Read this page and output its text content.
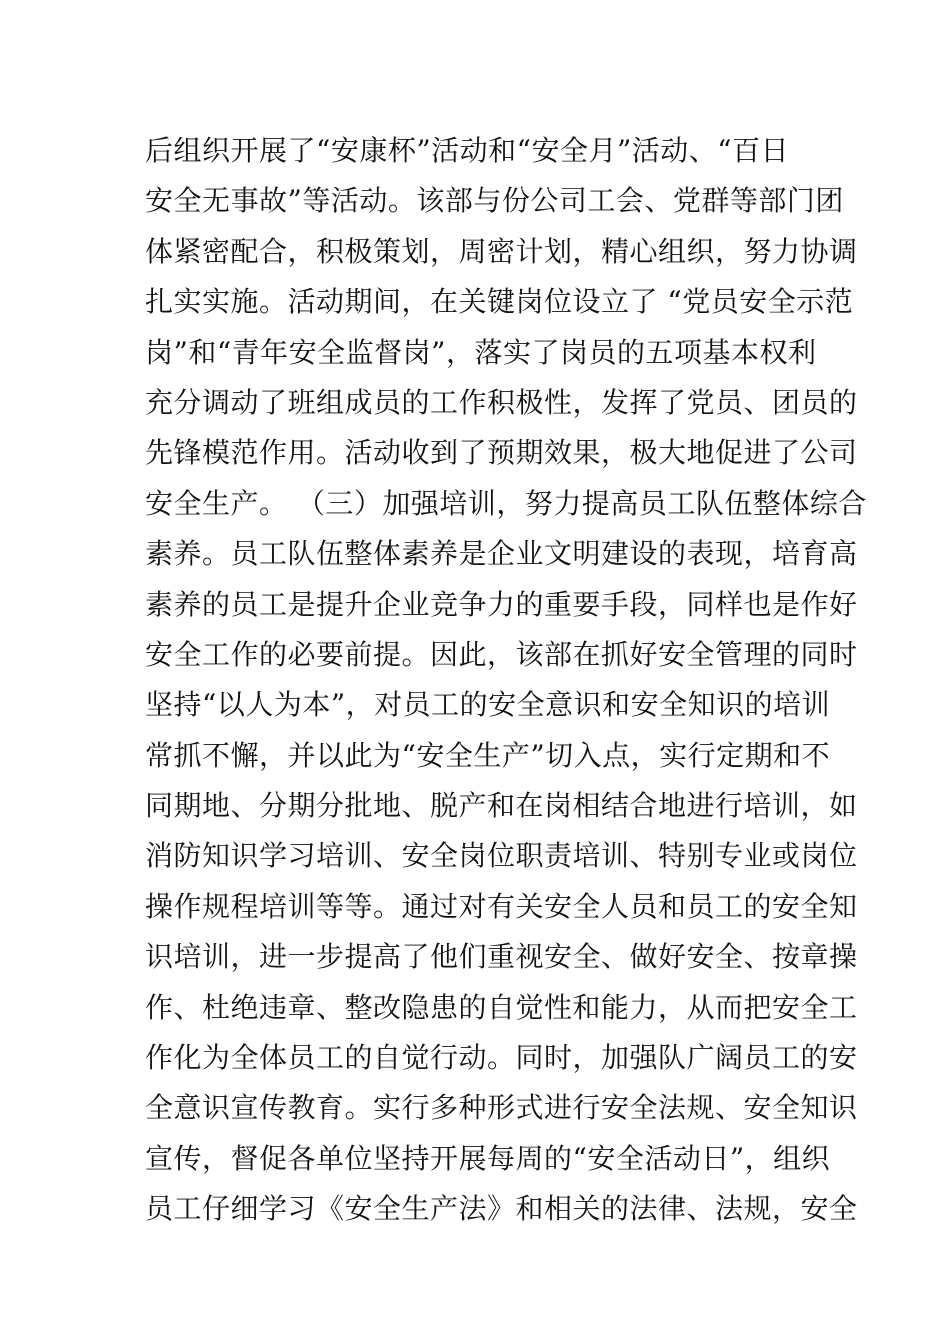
后组织开展了“安康杯”活动和“安全月”活动、“百日
安全无事故”等活动。该部与份公司工会、党群等部门团
体紧密配合，积极策划，周密计划，精心组织，努力协调
扎实实施。活动期间，在关键岗位设立了 “党员安全示范
岗”和“青年安全监督岗”，落实了岗员的五项基本权利
充分调动了班组成员的工作积极性，发挥了党员、团员的
先锋模范作用。活动收到了预期效果，极大地促进了公司
安全生产。 （三）加强培训，努力提高员工队伍整体综合
素养。员工队伍整体素养是企业文明建设的表现，培育高
素养的员工是提升企业竞争力的重要手段，同样也是作好
安全工作的必要前提。因此，该部在抓好安全管理的同时
坚持“以人为本”，对员工的安全意识和安全知识的培训
常抓不懈，并以此为“安全生产”切入点，实行定期和不
同期地、分期分批地、脱产和在岗相结合地进行培训，如
消防知识学习培训、安全岗位职责培训、特别专业或岗位
操作规程培训等等。通过对有关安全人员和员工的安全知
识培训，进一步提高了他们重视安全、做好安全、按章操
作、杜绝违章、整改隐患的自觉性和能力，从而把安全工
作化为全体员工的自觉行动。同时，加强队广阔员工的安
全意识宣传教育。实行多种形式进行安全法规、安全知识
宣传，督促各单位坚持开展每周的“安全活动日”，组织
员工仔细学习《安全生产法》和相关的法律、法规，安全
